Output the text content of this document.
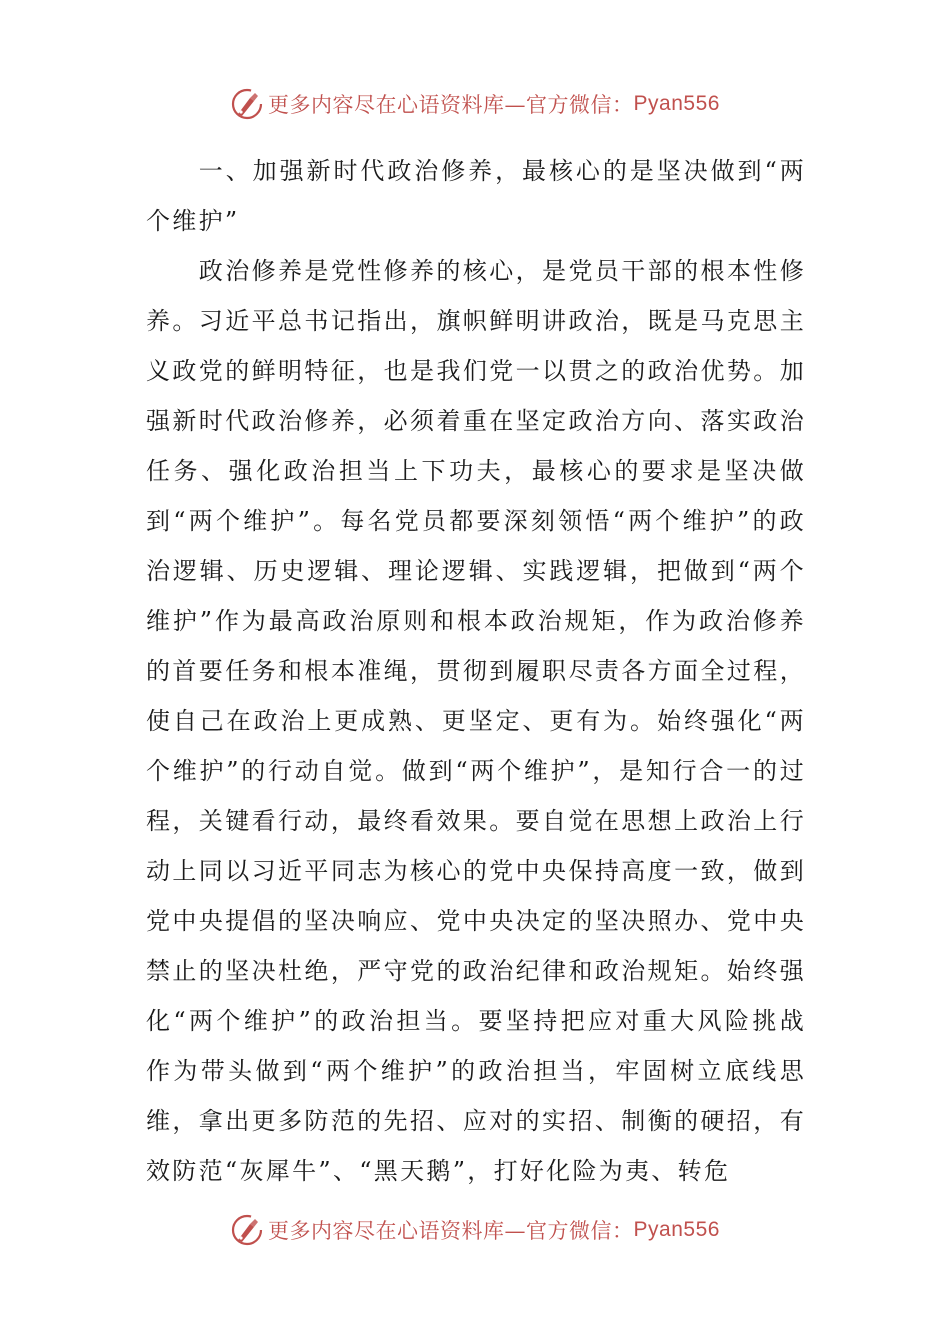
更多内容尽在心语资料库—官方微信： Pyan556

一、加强新时代政治修养，最核心的是坚决做到“两个维护”

政治修养是党性修养的核心，是党员干部的根本性修养。习近平总书记指出，旗帜鲜明讲政治，既是马克思主义政党的鲜明特征，也是我们党一以贯之的政治优势。加强新时代政治修养，必须着重在坚定政治方向、落实政治任务、强化政治担当上下功夫，最核心的要求是坚决做到“两个维护”。每名党员都要深刻领悟“两个维护”的政治逻辑、历史逻辑、理论逻辑、实践逻辑，把做到“两个维护”作为最高政治原则和根本政治规矩，作为政治修养的首要任务和根本准绳，贯彻到履职尽责各方面全过程，使自己在政治上更成熟、更坚定、更有为。始终强化“两个维护”的行动自觉。做到“两个维护”，是知行合一的过程，关键看行动，最终看效果。要自觉在思想上政治上行动上同以习近平同志为核心的党中央保持高度一致，做到党中央提倡的坚决响应、党中央决定的坚决照办、党中央禁止的坚决杜绝，严守党的政治纪律和政治规矩。始终强化“两个维护”的政治担当。要坚持把应对重大风险挑战作为带头做到“两个维护”的政治担当，牢固树立底线思维，拿出更多防范的先招、应对的实招、制衡的硬招，有效防范“灰犀牛”、“黑天鹅”，打好化险为夷、转危

更多内容尽在心语资料库—官方微信： Pyan556
